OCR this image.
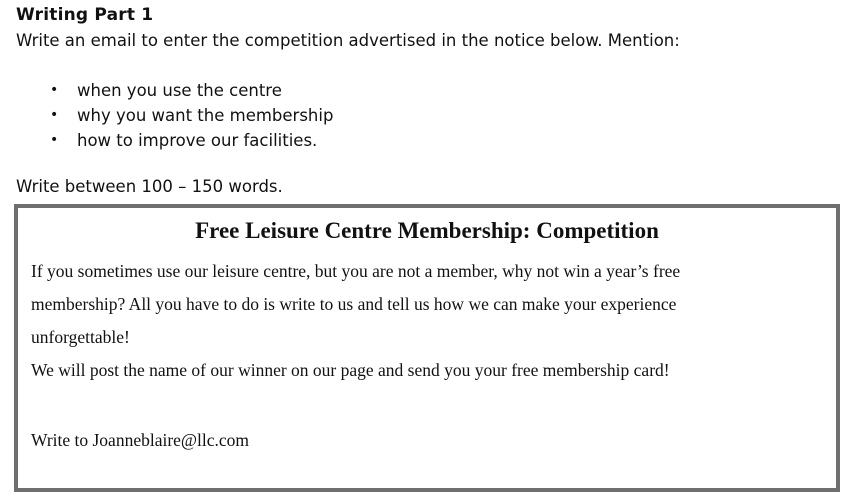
Writing Part 1
Write an email to enter the competition advertised in the notice below. Mention:
• when you use the centre
• why you want the membership
• how to improve our facilities.
Write between 100 – 150 words.
Free Leisure Centre Membership: Competition
If you sometimes use our leisure centre, but you are not a member, why not win a year’s free
membership? All you have to do is write to us and tell us how we can make your experience
unforgettable!
We will post the name of our winner on our page and send you your free membership card!
Write to Joanneblaire@llc.com
